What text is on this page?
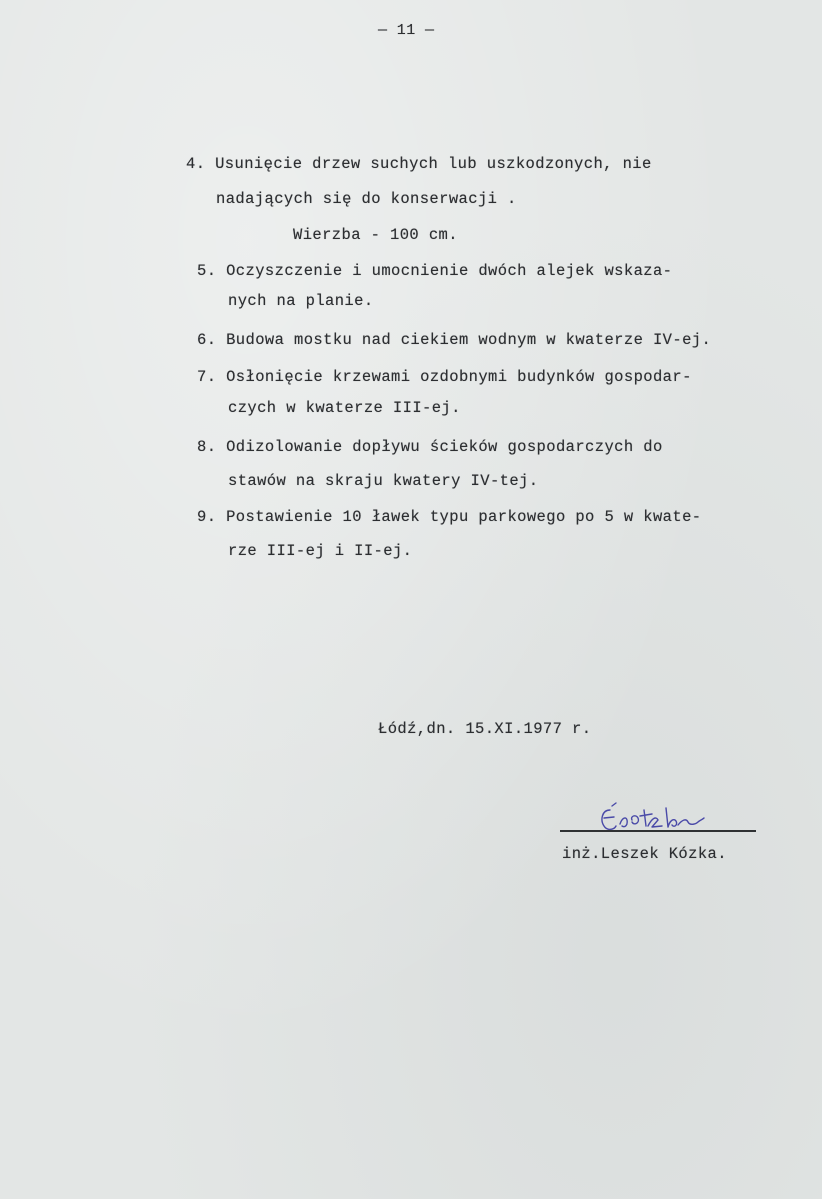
— 11 —
4. Usunięcie drzew suchych lub uszkodzonych, nie
nadających się do konserwacji .
Wierzba - 100 cm.
5. Oczyszczenie i umocnienie dwóch alejek wskaza-
nych na planie.
6. Budowa mostku nad ciekiem wodnym w kwaterze IV-ej.
7. Osłonięcie krzewami ozdobnymi budynków gospodar-
czych w kwaterze III-ej.
8. Odizolowanie dopływu ścieków gospodarczych do
stawów na skraju kwatery IV-tej.
9. Postawienie 10 ławek typu parkowego po 5 w kwate-
rze III-ej i II-ej.
Łódź,dn. 15.XI.1977 r.
inż.Leszek Kózka.
